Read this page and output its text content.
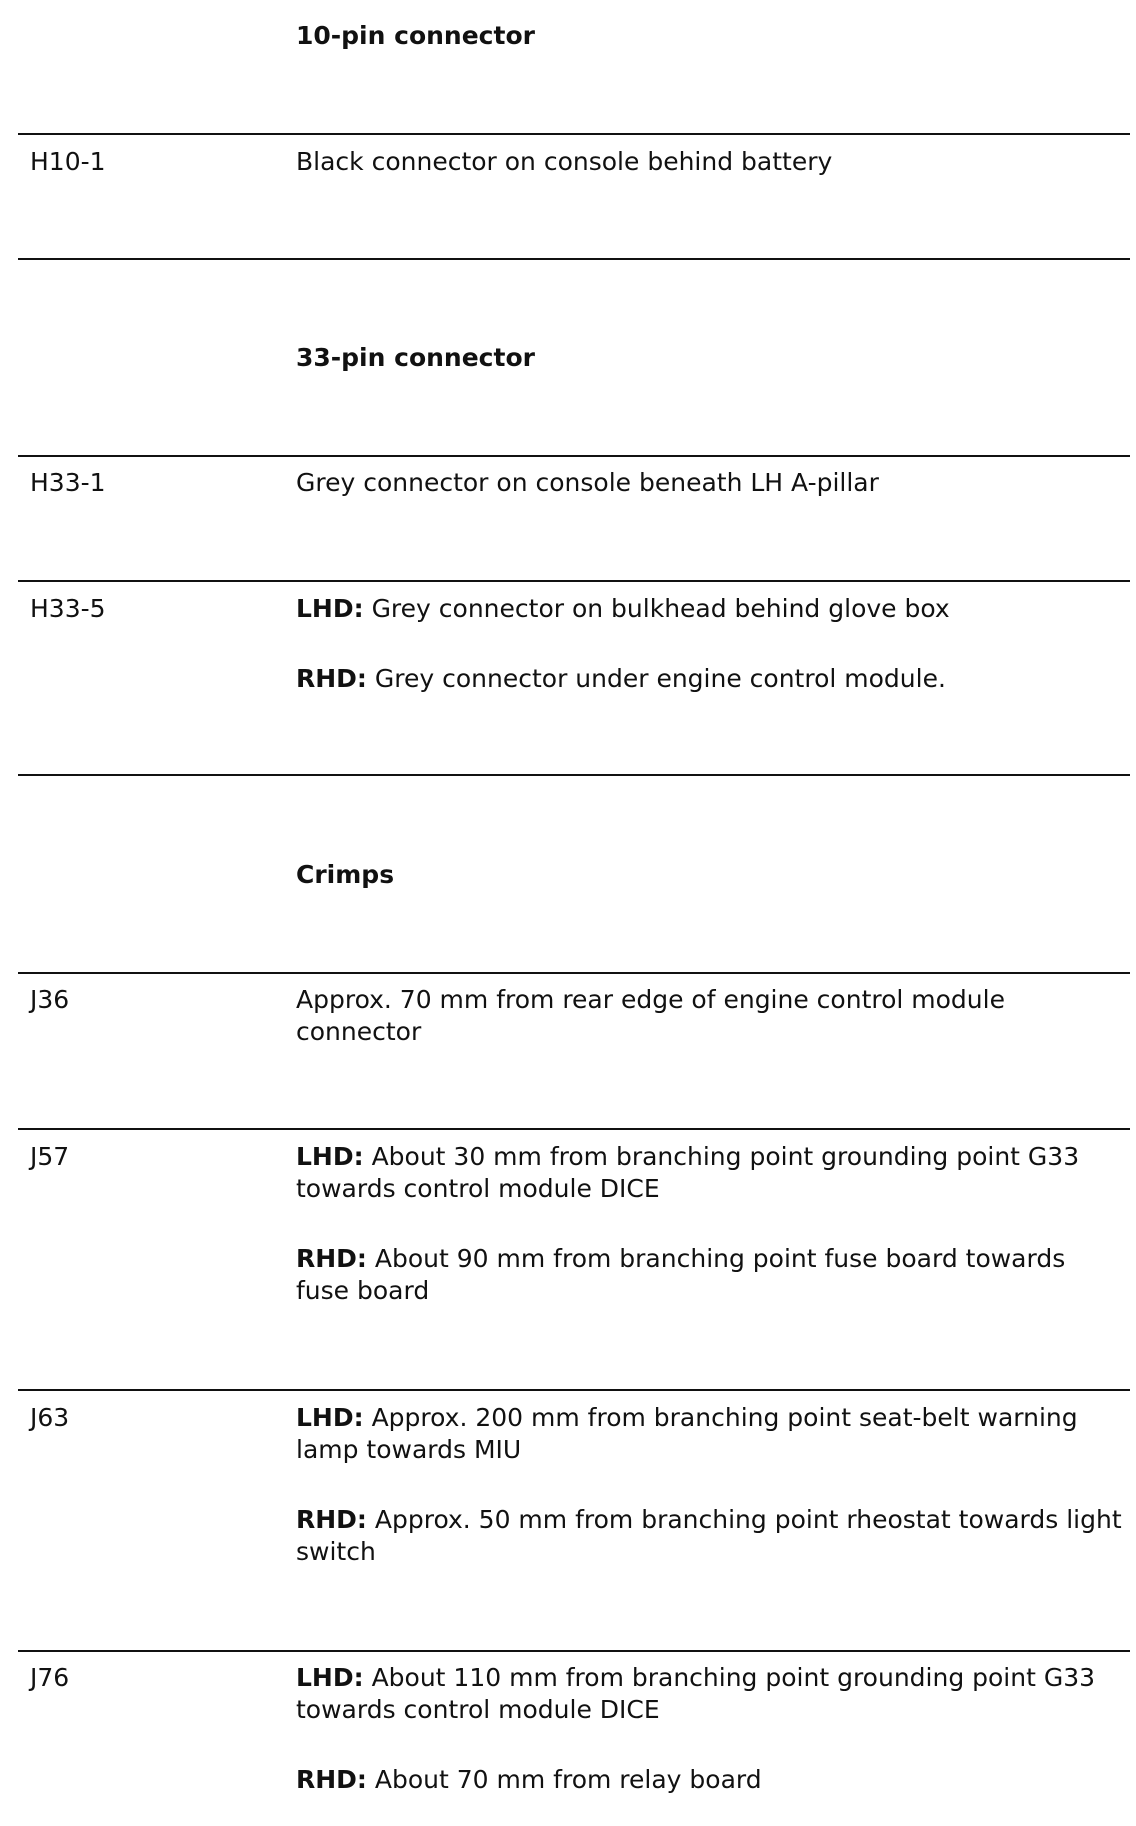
10-pin connector
H10-1	Black connector on console behind battery
33-pin connector
H33-1	Grey connector on console beneath LH A-pillar
H33-5	LHD: Grey connector on bulkhead behind glove box
RHD: Grey connector under engine control module.
Crimps
J36	Approx. 70 mm from rear edge of engine control module connector
J57	LHD: About 30 mm from branching point grounding point G33 towards control module DICE
RHD: About 90 mm from branching point fuse board towards fuse board
J63	LHD: Approx. 200 mm from branching point seat-belt warning lamp towards MIU
RHD: Approx. 50 mm from branching point rheostat towards light switch
J76	LHD: About 110 mm from branching point grounding point G33 towards control module DICE
RHD: About 70 mm from relay board
